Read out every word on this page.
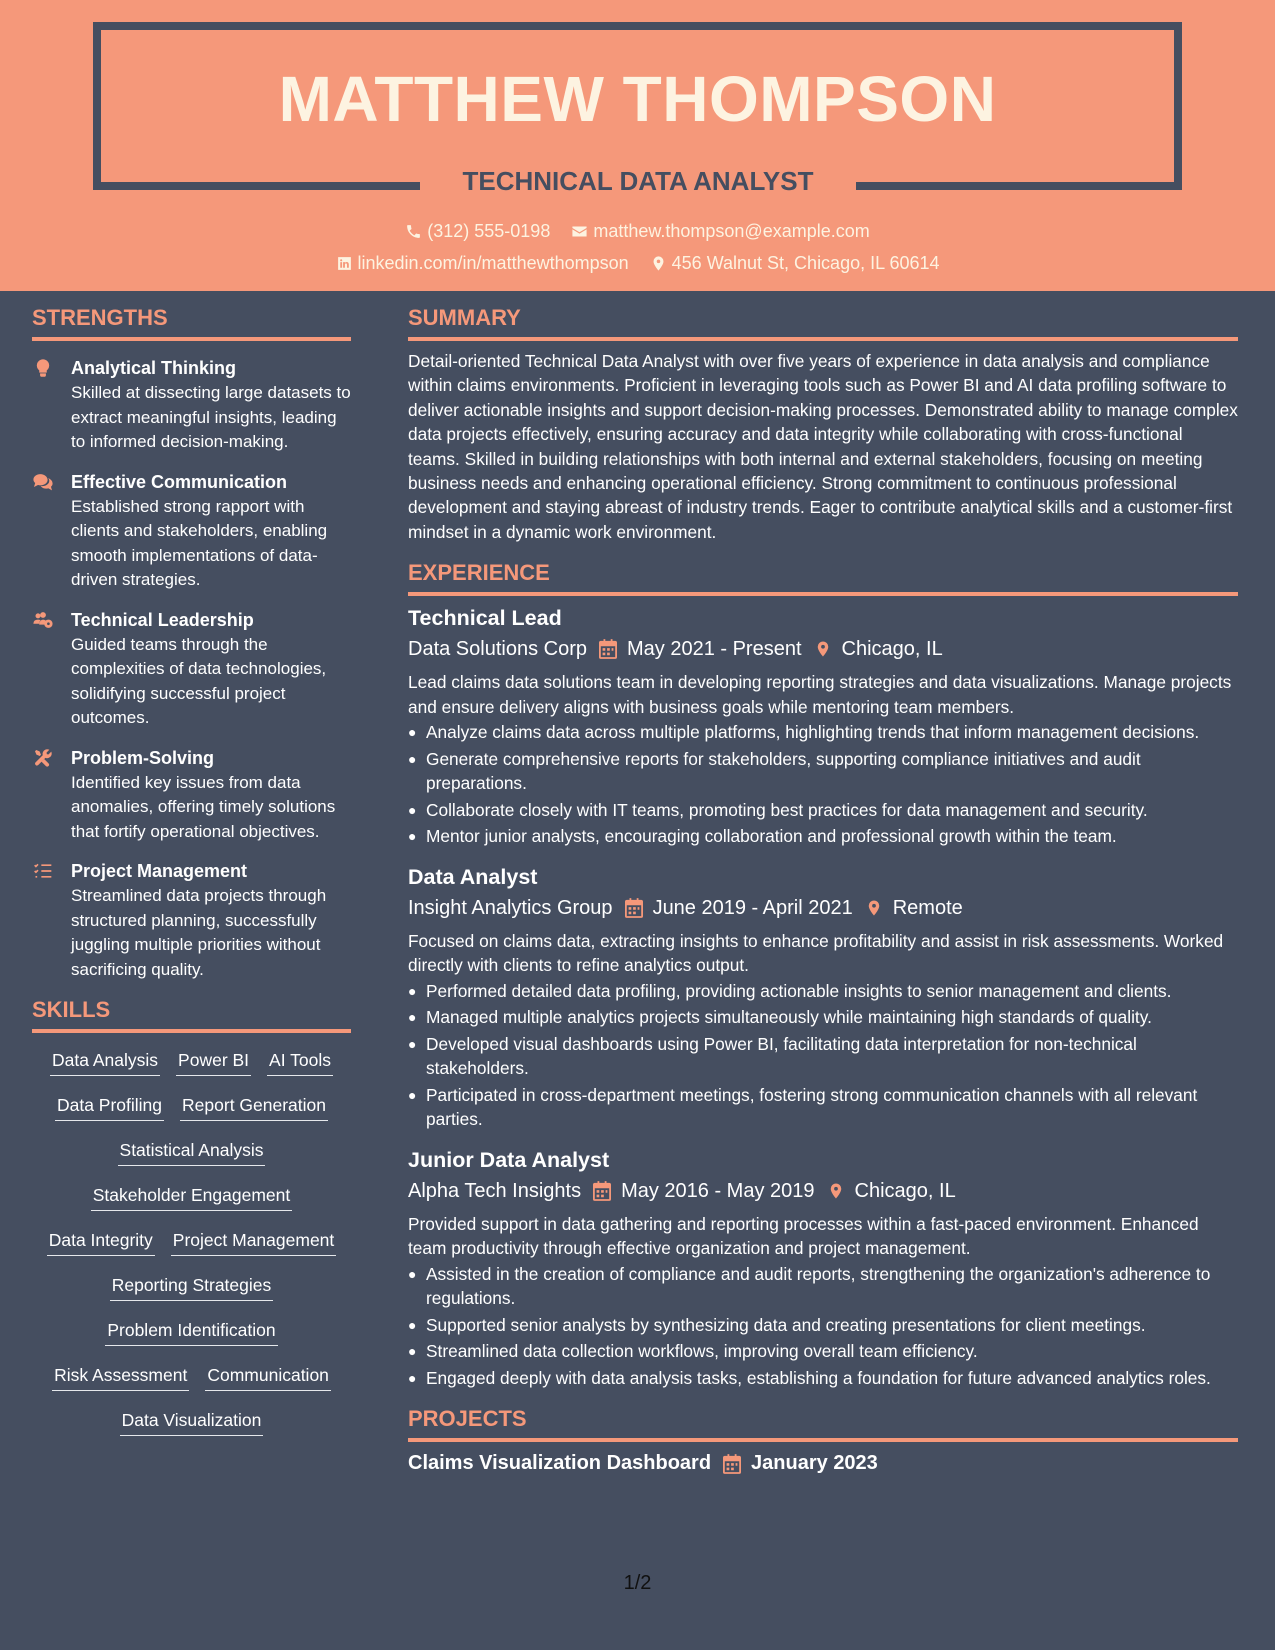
MATTHEW THOMPSON
TECHNICAL DATA ANALYST
(312) 555-0198
matthew.thompson@example.com
linkedin.com/in/matthewthompson
456 Walnut St, Chicago, IL 60614
STRENGTHS
Analytical Thinking
Skilled at dissecting large datasets to extract meaningful insights, leading to informed decision-making.
Effective Communication
Established strong rapport with clients and stakeholders, enabling smooth implementations of data-driven strategies.
Technical Leadership
Guided teams through the complexities of data technologies, solidifying successful project outcomes.
Problem-Solving
Identified key issues from data anomalies, offering timely solutions that fortify operational objectives.
Project Management
Streamlined data projects through structured planning, successfully juggling multiple priorities without sacrificing quality.
SKILLS
Data Analysis Power BI AI Tools
Data Profiling Report Generation
Statistical Analysis
Stakeholder Engagement
Data Integrity Project Management
Reporting Strategies
Problem Identification
Risk Assessment Communication
Data Visualization
SUMMARY
Detail-oriented Technical Data Analyst with over five years of experience in data analysis and compliance within claims environments. Proficient in leveraging tools such as Power BI and AI data profiling software to deliver actionable insights and support decision-making processes. Demonstrated ability to manage complex data projects effectively, ensuring accuracy and data integrity while collaborating with cross-functional teams. Skilled in building relationships with both internal and external stakeholders, focusing on meeting business needs and enhancing operational efficiency. Strong commitment to continuous professional development and staying abreast of industry trends. Eager to contribute analytical skills and a customer-first mindset in a dynamic work environment.
EXPERIENCE
Technical Lead
Data Solutions Corp May 2021 - Present Chicago, IL
Lead claims data solutions team in developing reporting strategies and data visualizations. Manage projects and ensure delivery aligns with business goals while mentoring team members.
● Analyze claims data across multiple platforms, highlighting trends that inform management decisions.
● Generate comprehensive reports for stakeholders, supporting compliance initiatives and audit preparations.
● Collaborate closely with IT teams, promoting best practices for data management and security.
● Mentor junior analysts, encouraging collaboration and professional growth within the team.
Data Analyst
Insight Analytics Group June 2019 - April 2021 Remote
Focused on claims data, extracting insights to enhance profitability and assist in risk assessments. Worked directly with clients to refine analytics output.
● Performed detailed data profiling, providing actionable insights to senior management and clients.
● Managed multiple analytics projects simultaneously while maintaining high standards of quality.
● Developed visual dashboards using Power BI, facilitating data interpretation for non-technical stakeholders.
● Participated in cross-department meetings, fostering strong communication channels with all relevant parties.
Junior Data Analyst
Alpha Tech Insights May 2016 - May 2019 Chicago, IL
Provided support in data gathering and reporting processes within a fast-paced environment. Enhanced team productivity through effective organization and project management.
● Assisted in the creation of compliance and audit reports, strengthening the organization's adherence to regulations.
● Supported senior analysts by synthesizing data and creating presentations for client meetings.
● Streamlined data collection workflows, improving overall team efficiency.
● Engaged deeply with data analysis tasks, establishing a foundation for future advanced analytics roles.
PROJECTS
Claims Visualization Dashboard January 2023
1/2
